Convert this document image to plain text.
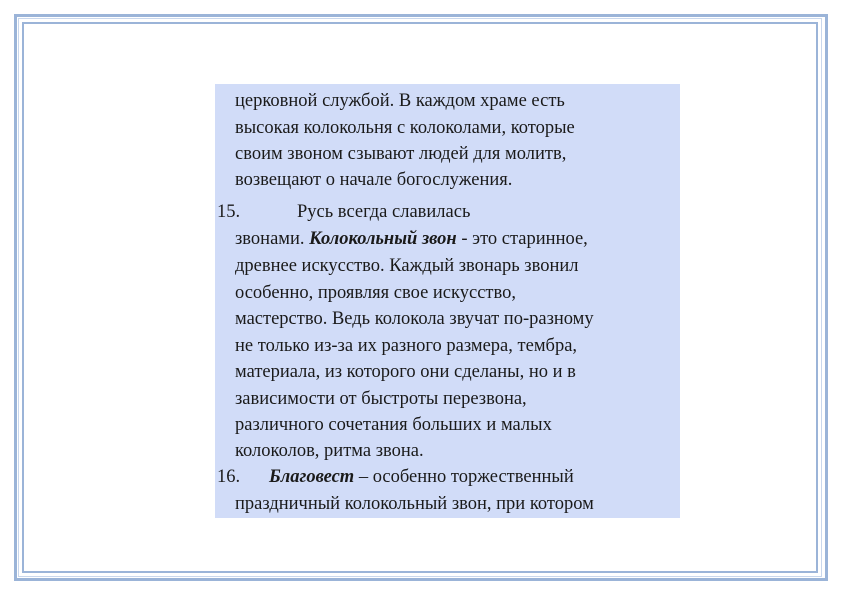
церковной службой. В каждом храме есть
высокая колокольня с колоколами, которые
своим звоном сзывают людей для молитв,
возвещают о начале богослужения.
15.	Русь всегда славилась
звонами. Колокольный звон - это старинное,
древнее искусство. Каждый звонарь звонил
особенно, проявляя свое искусство,
мастерство. Ведь колокола звучат по-разному
не только из-за их разного размера, тембра,
материала, из которого они сделаны, но и в
зависимости от быстроты перезвона,
различного сочетания больших и малых
колоколов, ритма звона.
16. Благовест – особенно торжественный
праздничный колокольный звон, при котором
